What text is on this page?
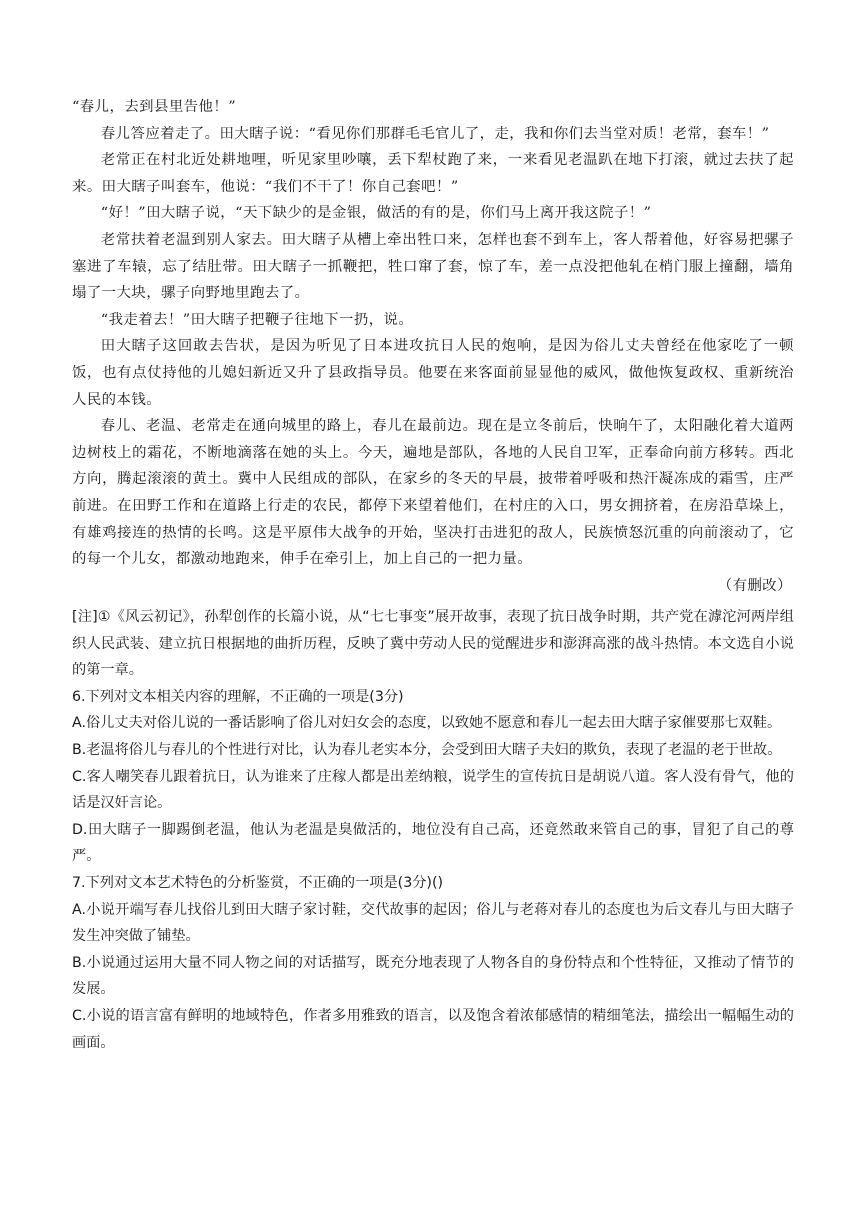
“春儿，去到县里告他！”

春儿答应着走了。田大瞎子说：“看见你们那群毛毛官儿了，走，我和你们去当堂对质！老常，套车！”

老常正在村北近处耕地哩，听见家里吵嚷，丢下犁杖跑了来，一来看见老温趴在地下打滚，就过去扶了起来。田大瞎子叫套车，他说：“我们不干了！你自己套吧！”

“好！”田大瞎子说，“天下缺少的是金银，做活的有的是，你们马上离开我这院子！”

老常扶着老温到别人家去。田大瞎子从槽上牵出牲口来，怎样也套不到车上，客人帮着他，好容易把骡子塞进了车辕，忘了结肚带。田大瞎子一抓鞭把，牲口窜了套，惊了车，差一点没把他轧在梢门服上撞翻，墙角塌了一大块，骡子向野地里跑去了。

“我走着去！”田大瞎子把鞭子往地下一扔，说。

田大瞎子这回敢去告状，是因为听见了日本进攻抗日人民的炮响，是因为俗儿丈夫曾经在他家吃了一顿饭，也有点仗持他的儿媳妇新近又升了县政指导员。他要在来客面前显显他的威风，做他恢复政权、重新统治人民的本钱。

春儿、老温、老常走在通向城里的路上，春儿在最前边。现在是立冬前后，快晌午了，太阳融化着大道两边树枝上的霜花，不断地滴落在她的头上。今天，遍地是部队，各地的人民自卫军，正奉命向前方移转。西北方向，腾起滚滚的黄土。冀中人民组成的部队，在家乡的冬天的早晨，披带着呼吸和热汗凝冻成的霜雪，庄严前进。在田野工作和在道路上行走的农民，都停下来望着他们，在村庄的入口，男女拥挤着，在房沿草垛上，有雄鸡接连的热情的长鸣。这是平原伟大战争的开始，坚决打击进犯的敌人，民族愤怒沉重的向前滚动了，它的每一个儿女，都激动地跑来，伸手在牵引上，加上自己的一把力量。

（有删改）

[注]①《风云初记》，孙犁创作的长篇小说，从“七七事变”展开故事，表现了抗日战争时期，共产党在滹沱河两岸组织人民武装、建立抗日根据地的曲折历程，反映了冀中劳动人民的觉醒进步和澎湃高涨的战斗热情。本文选自小说的第一章。

6.下列对文本相关内容的理解，不正确的一项是(3分)

A.俗儿丈夫对俗儿说的一番话影响了俗儿对妇女会的态度，以致她不愿意和春儿一起去田大瞎子家催要那七双鞋。

B.老温将俗儿与春儿的个性进行对比，认为春儿老实本分，会受到田大瞎子夫妇的欺负，表现了老温的老于世故。

C.客人嘲笑春儿跟着抗日，认为谁来了庄稼人都是出差纳粮，说学生的宣传抗日是胡说八道。客人没有骨气，他的话是汉奸言论。

D.田大瞎子一脚踢倒老温，他认为老温是臭做活的，地位没有自己高，还竟然敢来管自己的事，冒犯了自己的尊严。

7.下列对文本艺术特色的分析鉴赏，不正确的一项是(3分)()

A.小说开端写春儿找俗儿到田大瞎子家讨鞋，交代故事的起因；俗儿与老蒋对春儿的态度也为后文春儿与田大瞎子发生冲突做了铺垫。

B.小说通过运用大量不同人物之间的对话描写，既充分地表现了人物各自的身份特点和个性特征，又推动了情节的发展。

C.小说的语言富有鲜明的地域特色，作者多用雅致的语言，以及饱含着浓郁感情的精细笔法，描绘出一幅幅生动的画面。
